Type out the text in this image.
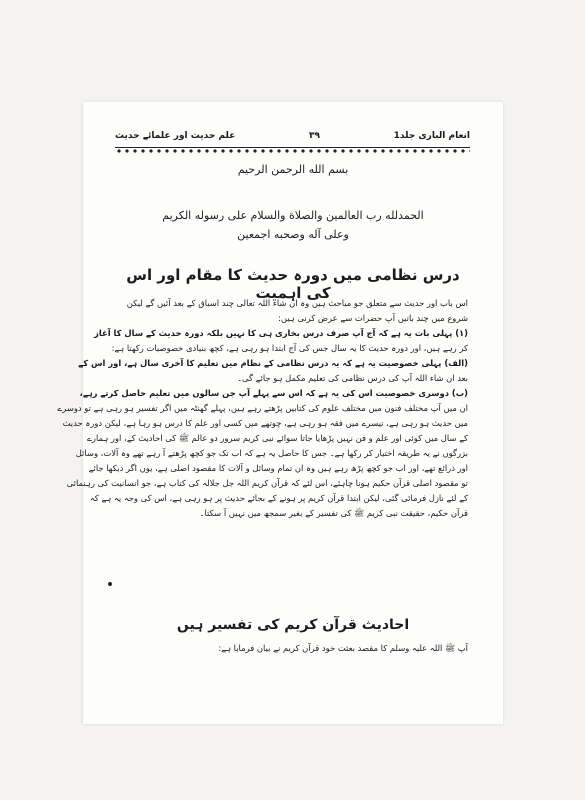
علم حدیث اور علمائے حدیث	۳۹	انعام الباری جلد1
بسم الله الرحمن الرحيم
الحمدلله رب العالمين والصلاة والسلام على رسوله الكريم
وعلى آله وصحبه اجمعين
درس نظامی میں دورہ حدیث کا مقام اور اس کی اہمیت
اس باب اور حدیث سے متعلق جو مباحث ہیں وہ ان شاء اللہ تعالی چند اسباق کے بعد آئیں گے لیکن
شروع میں چند باتیں آپ حضرات سے عرض کرنی ہیں:
(۱) پہلی بات یہ ہے کہ آج آپ صرف درس بخاری ہی کا نہیں بلکہ دورہ حدیث کے سال کا آغاز
کر رہے ہیں، اور دورہ حدیث کا یہ سال جس کی آج ابتدا ہو رہی ہے، کچھ بنیادی خصوصیات رکھتا ہے:
(الف) پہلی خصوصیت یہ ہے کہ یہ درس نظامی کے نظام میں تعلیم کا آخری سال ہے، اور اس کے
بعد ان شاء اللہ آپ کی درس نظامی کی تعلیم مکمل ہو جائے گی۔
(ب) دوسری خصوصیت اس کی یہ ہے کہ اس سے پہلے آپ جن سالوں میں تعلیم حاصل کرتے رہے،
ان میں آپ مختلف فنون میں مختلف علوم کی کتابیں پڑھتے رہے ہیں، پہلے گھنٹہ میں اگر تفسیر ہو رہی ہے تو دوسرے
میں حدیث ہو رہی ہے، تیسرے میں فقہ ہو رہی ہے، چوتھے میں کسی اور علم کا درس ہو رہا ہے، لیکن دورہ حدیث
کے سال میں کوئی اور علم و فن نہیں پڑھایا جاتا سوائے نبی کریم سرور دو عالم ﷺ کی احادیث کے، اور ہمارے
بزرگوں نے یہ طریقہ اختیار کر رکھا ہے۔ جس کا حاصل یہ ہے کہ اب تک جو کچھ پڑھتے آ رہے تھے وہ آلات، وسائل
اور ذرائع تھے، اور اب جو کچھ پڑھ رہے ہیں وہ ان تمام وسائل و آلات کا مقصود اصلی ہے، یوں اگر دیکھا جائے
تو مقصود اصلی قرآن حکیم ہونا چاہئے، اس لئے کہ قرآن کریم اللہ جل جلالہ کی کتاب ہے، جو انسانیت کی رہنمائی
کے لئے نازل فرمائی گئی، لیکن ابتدا قرآن کریم پر ہونے کے بجائے حدیث پر ہو رہی ہے، اس کی وجہ یہ ہے کہ
قرآن حکیم، حقیقت نبی کریم ﷺ کی تفسیر کے بغیر سمجھ میں نہیں آ سکتا۔
احادیث قرآن کریم کی تفسیر ہیں
آپ ﷺ اللہ علیہ وسلم کا مقصد بعثت خود قرآن کریم نے بیان فرمایا ہے:
